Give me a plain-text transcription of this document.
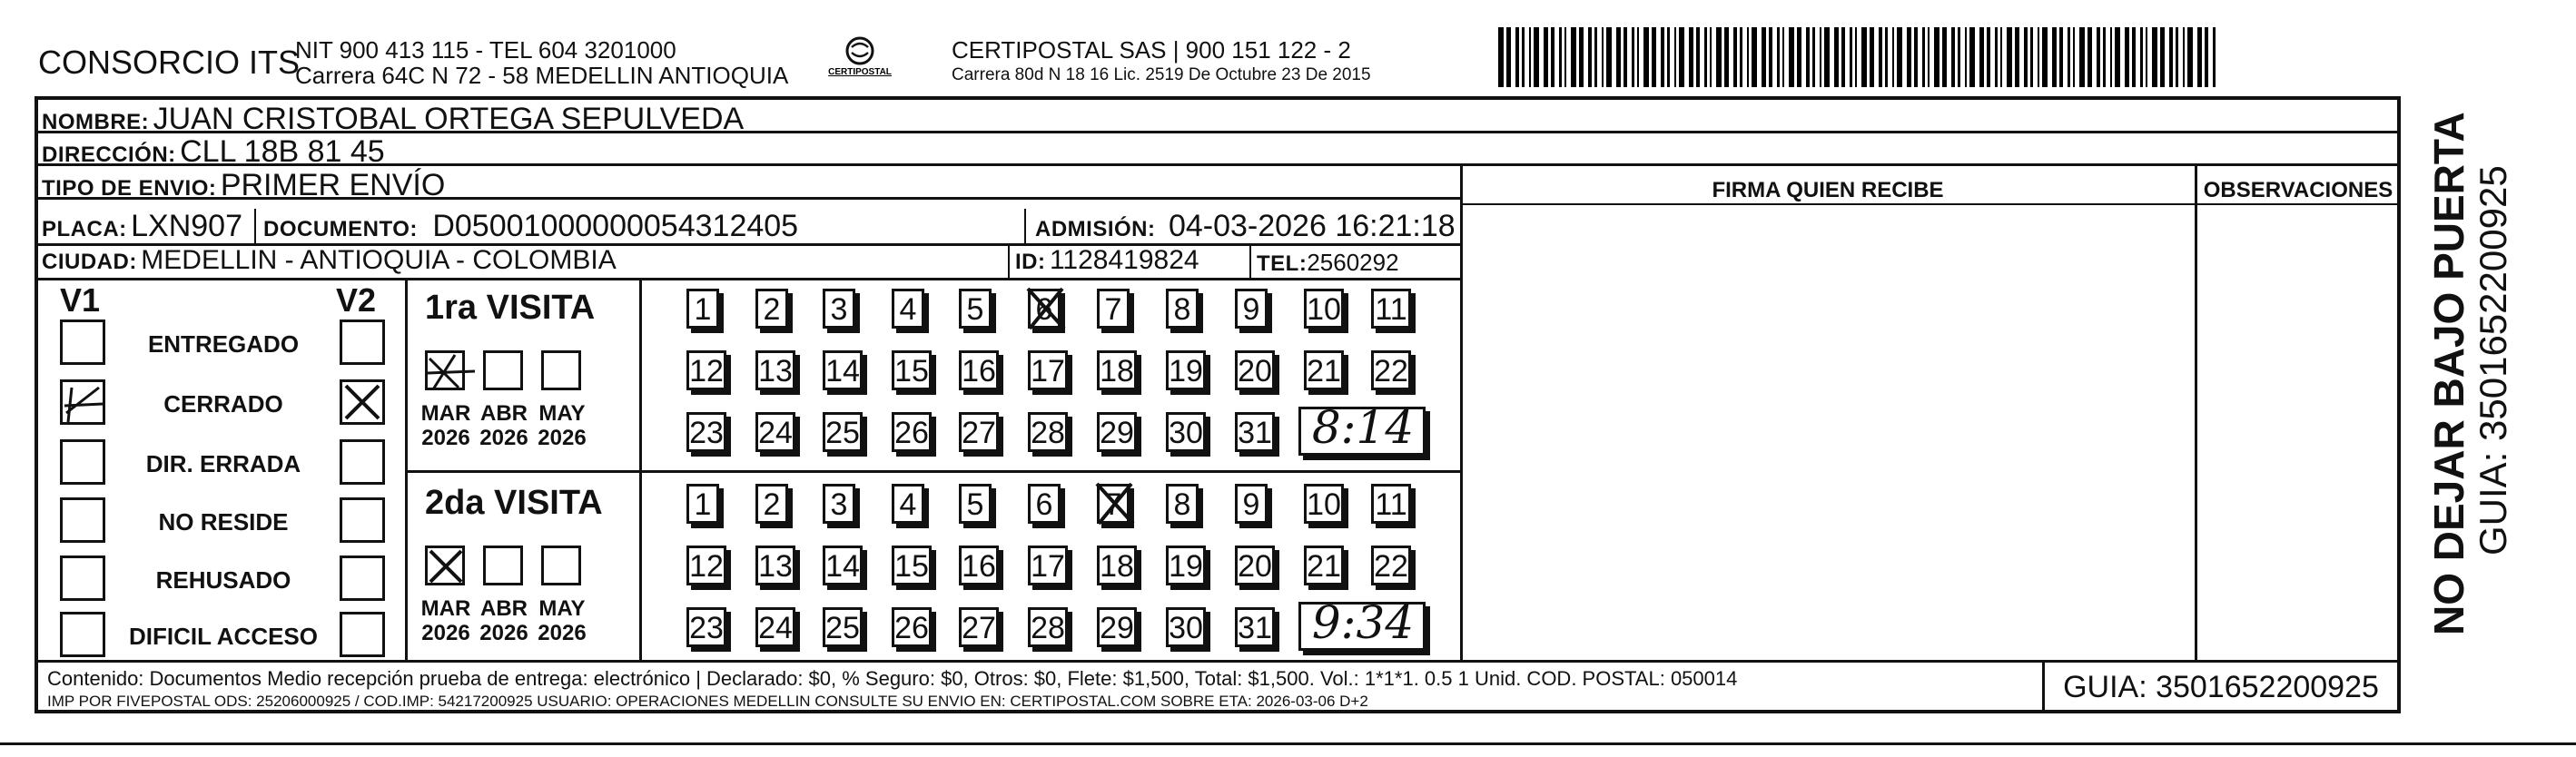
CONSORCIO ITS
NIT 900 413 115 - TEL 604 3201000
Carrera 64C N 72 - 58 MEDELLIN ANTIOQUIA	CERTIPOSTAL
CERTIPOSTAL SAS | 900 151 122 - 2
Carrera 80d N 18 16 Lic. 2519 De Octubre 23 De 2015
NOMBRE: JUAN CRISTOBAL ORTEGA SEPULVEDA
DIRECCIÓN: CLL 18B 81 45
TIPO DE ENVIO: PRIMER ENVÍO
PLACA: LXN907 DOCUMENTO: D05001000000054312405	ADMISIÓN: 04-03-2026 16:21:18
CIUDAD: MEDELLIN - ANTIOQUIA - COLOMBIA	ID: 1128419824	TEL:2560292
FIRMA QUIEN RECIBE	OBSERVACIONES
V1	V2
ENTREGADO
CERRADO
DIR. ERRADA
NO RESIDE
REHUSADO
DIFICIL ACCESO
1ra VISITA
MAR
2026
ABR
2026
MAY
2026
1 2 3 4 5 6 7 8 9 10 11
12 13 14 15 16 17 18 19 20 21 22
23 24 25 26 27 28 29 30 31 8:14
2da VISITA
MAR
2026
ABR
2026
MAY
2026
1 2 3 4 5 6 7 8 9 10 11
12 13 14 15 16 17 18 19 20 21 22
23 24 25 26 27 28 29 30 31 9:34
Contenido: Documentos Medio recepción prueba de entrega: electrónico | Declarado: $0, % Seguro: $0, Otros: $0, Flete: $1,500, Total: $1,500. Vol.: 1*1*1. 0.5 1 Unid. COD. POSTAL: 050014
IMP POR FIVEPOSTAL ODS: 25206000925 / COD.IMP: 54217200925 USUARIO: OPERACIONES MEDELLIN CONSULTE SU ENVIO EN: CERTIPOSTAL.COM SOBRE ETA: 2026-03-06 D+2	GUIA: 3501652200925
NO DEJAR BAJO PUERTA GUIA: 3501652200925
